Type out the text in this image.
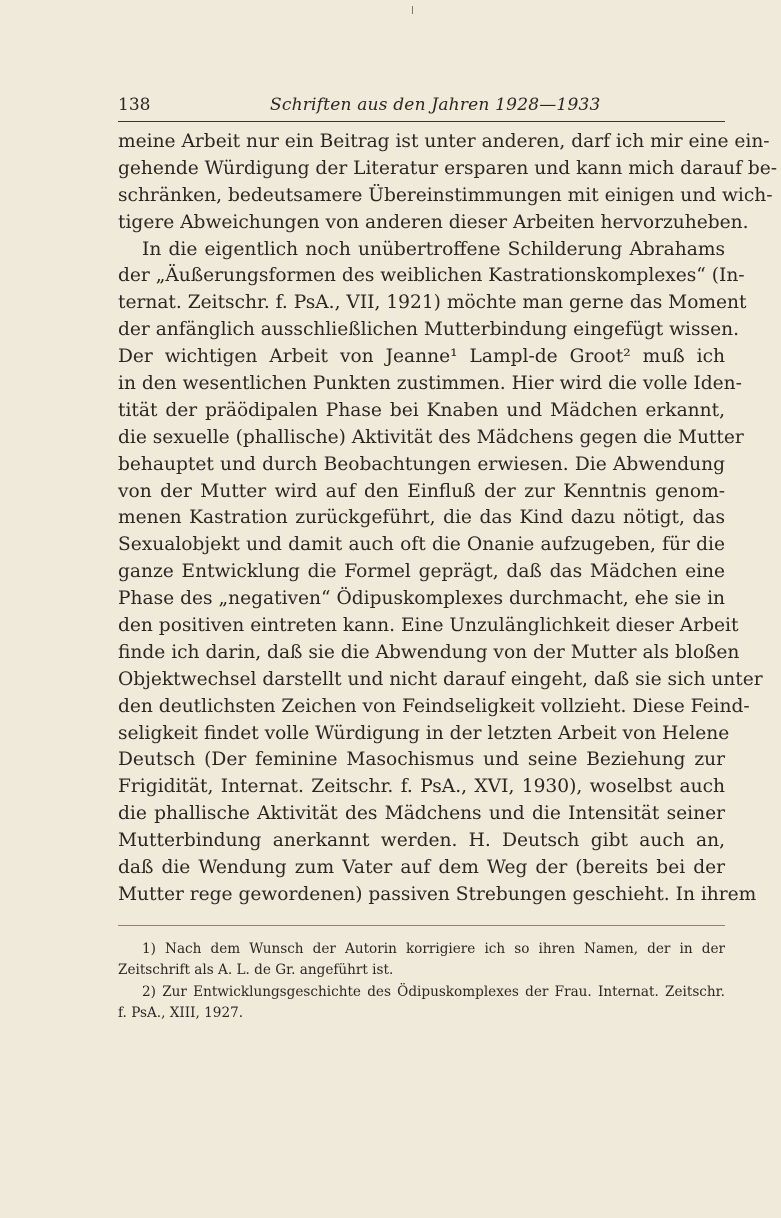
138	Schriften aus den Jahren 1928—1933
meine Arbeit nur ein Beitrag ist unter anderen, darf ich mir eine ein-
gehende Würdigung der Literatur ersparen und kann mich darauf be-
schränken, bedeutsamere Übereinstimmungen mit einigen und wich-
tigere Abweichungen von anderen dieser Arbeiten hervorzuheben.
In die eigentlich noch unübertroffene Schilderung Abrahams
der „Äußerungsformen des weiblichen Kastrationskomplexes“ (In-
ternat. Zeitschr. f. PsA., VII, 1921) möchte man gerne das Moment
der anfänglich ausschließlichen Mutterbindung eingefügt wissen.
Der wichtigen Arbeit von Jeanne¹ Lampl-de Groot² muß ich
in den wesentlichen Punkten zustimmen. Hier wird die volle Iden-
tität der präödipalen Phase bei Knaben und Mädchen erkannt,
die sexuelle (phallische) Aktivität des Mädchens gegen die Mutter
behauptet und durch Beobachtungen erwiesen. Die Abwendung
von der Mutter wird auf den Einfluß der zur Kenntnis genom-
menen Kastration zurückgeführt, die das Kind dazu nötigt, das
Sexualobjekt und damit auch oft die Onanie aufzugeben, für die
ganze Entwicklung die Formel geprägt, daß das Mädchen eine
Phase des „negativen“ Ödipuskomplexes durchmacht, ehe sie in
den positiven eintreten kann. Eine Unzulänglichkeit dieser Arbeit
finde ich darin, daß sie die Abwendung von der Mutter als bloßen
Objektwechsel darstellt und nicht darauf eingeht, daß sie sich unter
den deutlichsten Zeichen von Feindseligkeit vollzieht. Diese Feind-
seligkeit findet volle Würdigung in der letzten Arbeit von Helene
Deutsch (Der feminine Masochismus und seine Beziehung zur
Frigidität, Internat. Zeitschr. f. PsA., XVI, 1930), woselbst auch
die phallische Aktivität des Mädchens und die Intensität seiner
Mutterbindung anerkannt werden. H. Deutsch gibt auch an,
daß die Wendung zum Vater auf dem Weg der (bereits bei der
Mutter rege gewordenen) passiven Strebungen geschieht. In ihrem
1) Nach dem Wunsch der Autorin korrigiere ich so ihren Namen, der in der
Zeitschrift als A. L. de Gr. angeführt ist.
2) Zur Entwicklungsgeschichte des Ödipuskomplexes der Frau. Internat. Zeitschr.
f. PsA., XIII, 1927.
